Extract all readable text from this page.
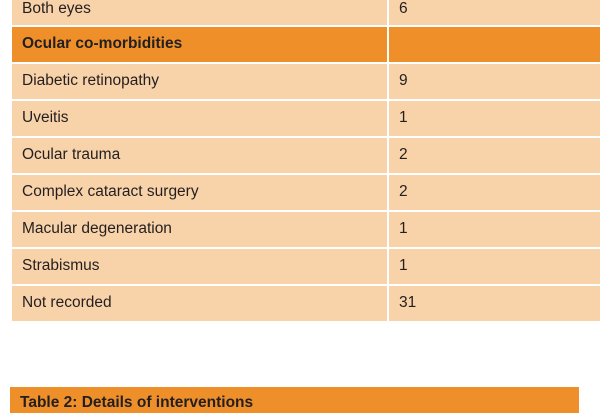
Both eyes	6
Ocular co-morbidities	
Diabetic retinopathy	9
Uveitis	1
Ocular trauma	2
Complex cataract surgery	2
Macular degeneration	1
Strabismus	1
Not recorded	31
Table 2: Details of interventions
